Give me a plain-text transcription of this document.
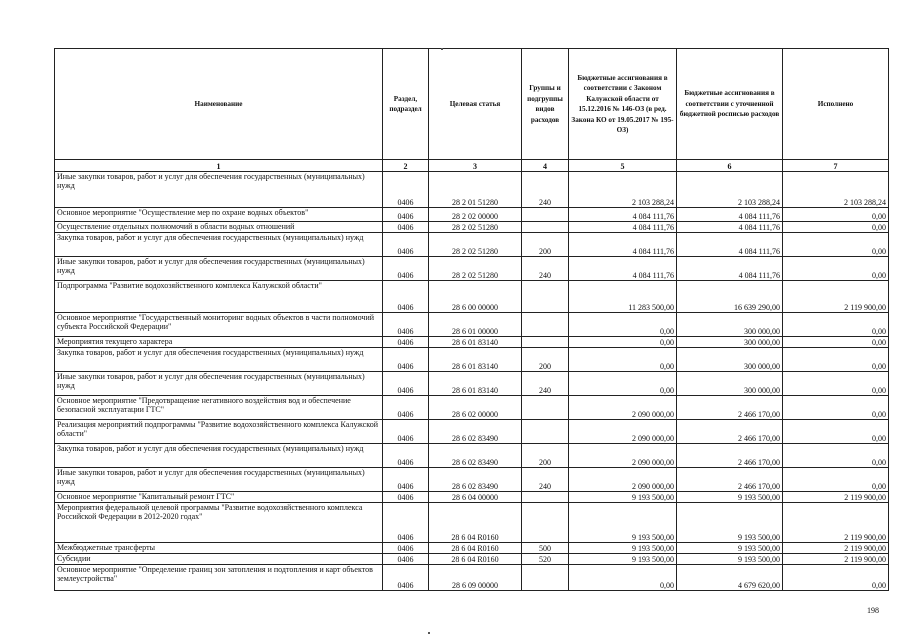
Наименование	Раздел, подраздел	Целевая статья	Группы и подгруппы видов расходов	Бюджетные ассигнования в соответствии с Законом Калужской области от 15.12.2016 № 146-ОЗ (в ред. Закона КО от 19.05.2017 № 195-ОЗ)	Бюджетные ассигнования в соответствии с уточненной бюджетной росписью расходов	Исполнено
1	2	3	4	5	6	7
Иные закупки товаров, работ и услуг для обеспечения государственных (муниципальных) нужд	0406	28 2 01 51280	240	2 103 288,24	2 103 288,24	2 103 288,24
Основное мероприятие "Осуществление мер по охране водных объектов"	0406	28 2 02 00000		4 084 111,76	4 084 111,76	0,00
Осуществление отдельных полномочий в области водных отношений	0406	28 2 02 51280		4 084 111,76	4 084 111,76	0,00
Закупка товаров, работ и услуг для обеспечения государственных (муниципальных) нужд	0406	28 2 02 51280	200	4 084 111,76	4 084 111,76	0,00
Иные закупки товаров, работ и услуг для обеспечения государственных (муниципальных) нужд	0406	28 2 02 51280	240	4 084 111,76	4 084 111,76	0,00
Подпрограмма "Развитие водохозяйственного комплекса Калужской области"	0406	28 6 00 00000		11 283 500,00	16 639 290,00	2 119 900,00
Основное мероприятие "Государственный мониторинг водных объектов в части полномочий субъекта Российской Федерации"	0406	28 6 01 00000		0,00	300 000,00	0,00
Мероприятия текущего характера	0406	28 6 01 83140		0,00	300 000,00	0,00
Закупка товаров, работ и услуг для обеспечения государственных (муниципальных) нужд	0406	28 6 01 83140	200	0,00	300 000,00	0,00
Иные закупки товаров, работ и услуг для обеспечения государственных (муниципальных) нужд	0406	28 6 01 83140	240	0,00	300 000,00	0,00
Основное мероприятие "Предотвращение негативного воздействия вод и обеспечение безопасной эксплуатации ГТС"	0406	28 6 02 00000		2 090 000,00	2 466 170,00	0,00
Реализация мероприятий подпрограммы "Развитие водохозяйственного комплекса Калужской области"	0406	28 6 02 83490		2 090 000,00	2 466 170,00	0,00
Закупка товаров, работ и услуг для обеспечения государственных (муниципальных) нужд	0406	28 6 02 83490	200	2 090 000,00	2 466 170,00	0,00
Иные закупки товаров, работ и услуг для обеспечения государственных (муниципальных) нужд	0406	28 6 02 83490	240	2 090 000,00	2 466 170,00	0,00
Основное мероприятие "Капитальный ремонт ГТС"	0406	28 6 04 00000		9 193 500,00	9 193 500,00	2 119 900,00
Мероприятия федеральной целевой программы "Развитие водохозяйственного комплекса Российской Федерации в 2012-2020 годах"	0406	28 6 04 R0160		9 193 500,00	9 193 500,00	2 119 900,00
Межбюджетные трансферты	0406	28 6 04 R0160	500	9 193 500,00	9 193 500,00	2 119 900,00
Субсидии	0406	28 6 04 R0160	520	9 193 500,00	9 193 500,00	2 119 900,00
Основное мероприятие "Определение границ зон затопления и подтопления и карт объектов землеустройства"	0406	28 6 09 00000		0,00	4 679 620,00	0,00
198
